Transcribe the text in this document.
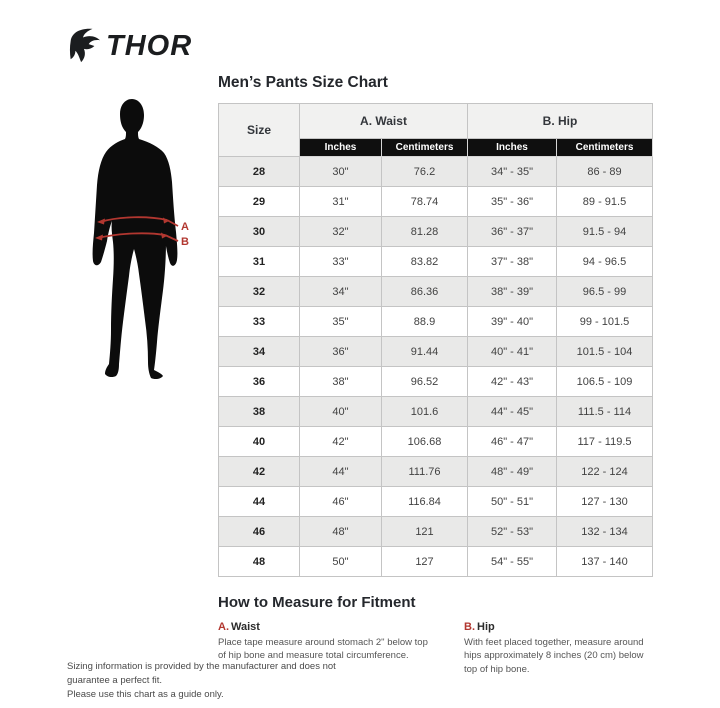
THOR
A
B
Men’s Pants Size Chart
Size	A. Waist		B. Hip	
	Inches	Centimeters	Inches	Centimeters
28	30"	76.2	34" - 35"	86 - 89
29	31"	78.74	35" - 36"	89 - 91.5
30	32"	81.28	36" - 37"	91.5 - 94
31	33"	83.82	37" - 38"	94 - 96.5
32	34"	86.36	38" - 39"	96.5 - 99
33	35"	88.9	39" - 40"	99 - 101.5
34	36"	91.44	40" - 41"	101.5 - 104
36	38"	96.52	42" - 43"	106.5 - 109
38	40"	101.6	44" - 45"	111.5 - 114
40	42"	106.68	46" - 47"	117 - 119.5
42	44"	111.76	48" - 49"	122 - 124
44	46"	116.84	50" - 51"	127 - 130
46	48"	121	52" - 53"	132 - 134
48	50"	127	54" - 55"	137 - 140
How to Measure for Fitment
A. Waist

Place tape measure around stomach 2" below top of hip bone and measure total circumference.

B. Hip

With feet placed together, measure around hips approximately 8 inches (20 cm) below top of hip bone.

Sizing information is provided by the manufacturer and does not guarantee a perfect fit.
Please use this chart as a guide only.
